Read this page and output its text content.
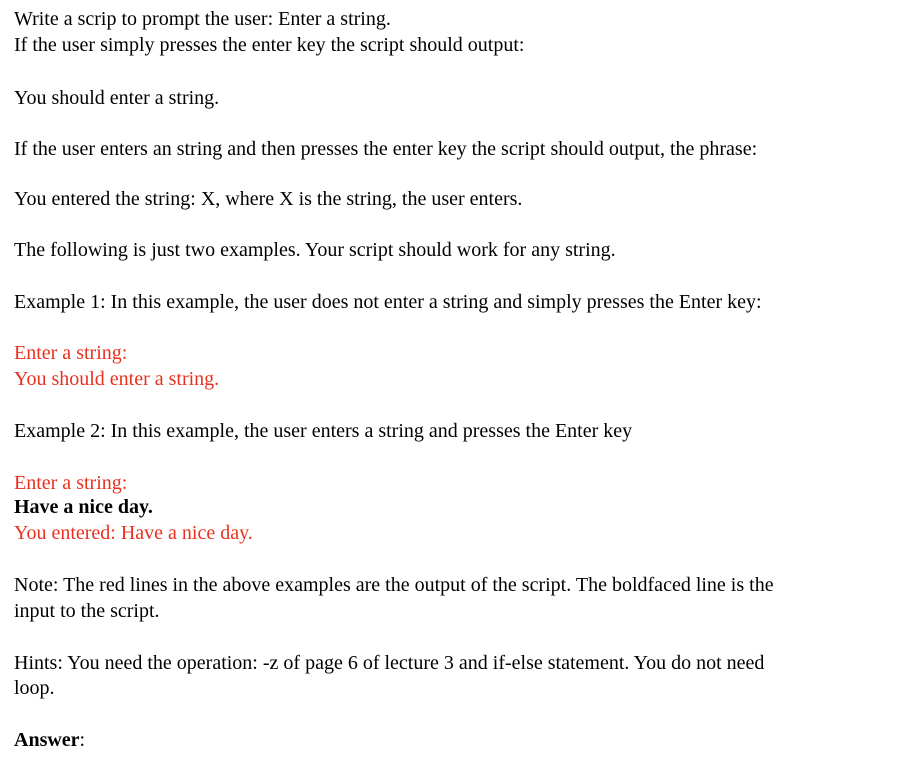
Write a scrip to prompt the user: Enter a string.
If the user simply presses the enter key the script should output:
You should enter a string.
If the user enters an string and then presses the enter key the script should output, the phrase:
You entered the string: X, where X is the string, the user enters.
The following is just two examples. Your script should work for any string.
Example 1: In this example, the user does not enter a string and simply presses the Enter key:
Enter a string:
You should enter a string.
Example 2: In this example, the user enters a string and presses the Enter key
Enter a string:
Have a nice day.
You entered: Have a nice day.
Note: The red lines in the above examples are the output of the script. The boldfaced line is the
input to the script.
Hints: You need the operation: -z of page 6 of lecture 3 and if-else statement. You do not need
loop.
Answer:
